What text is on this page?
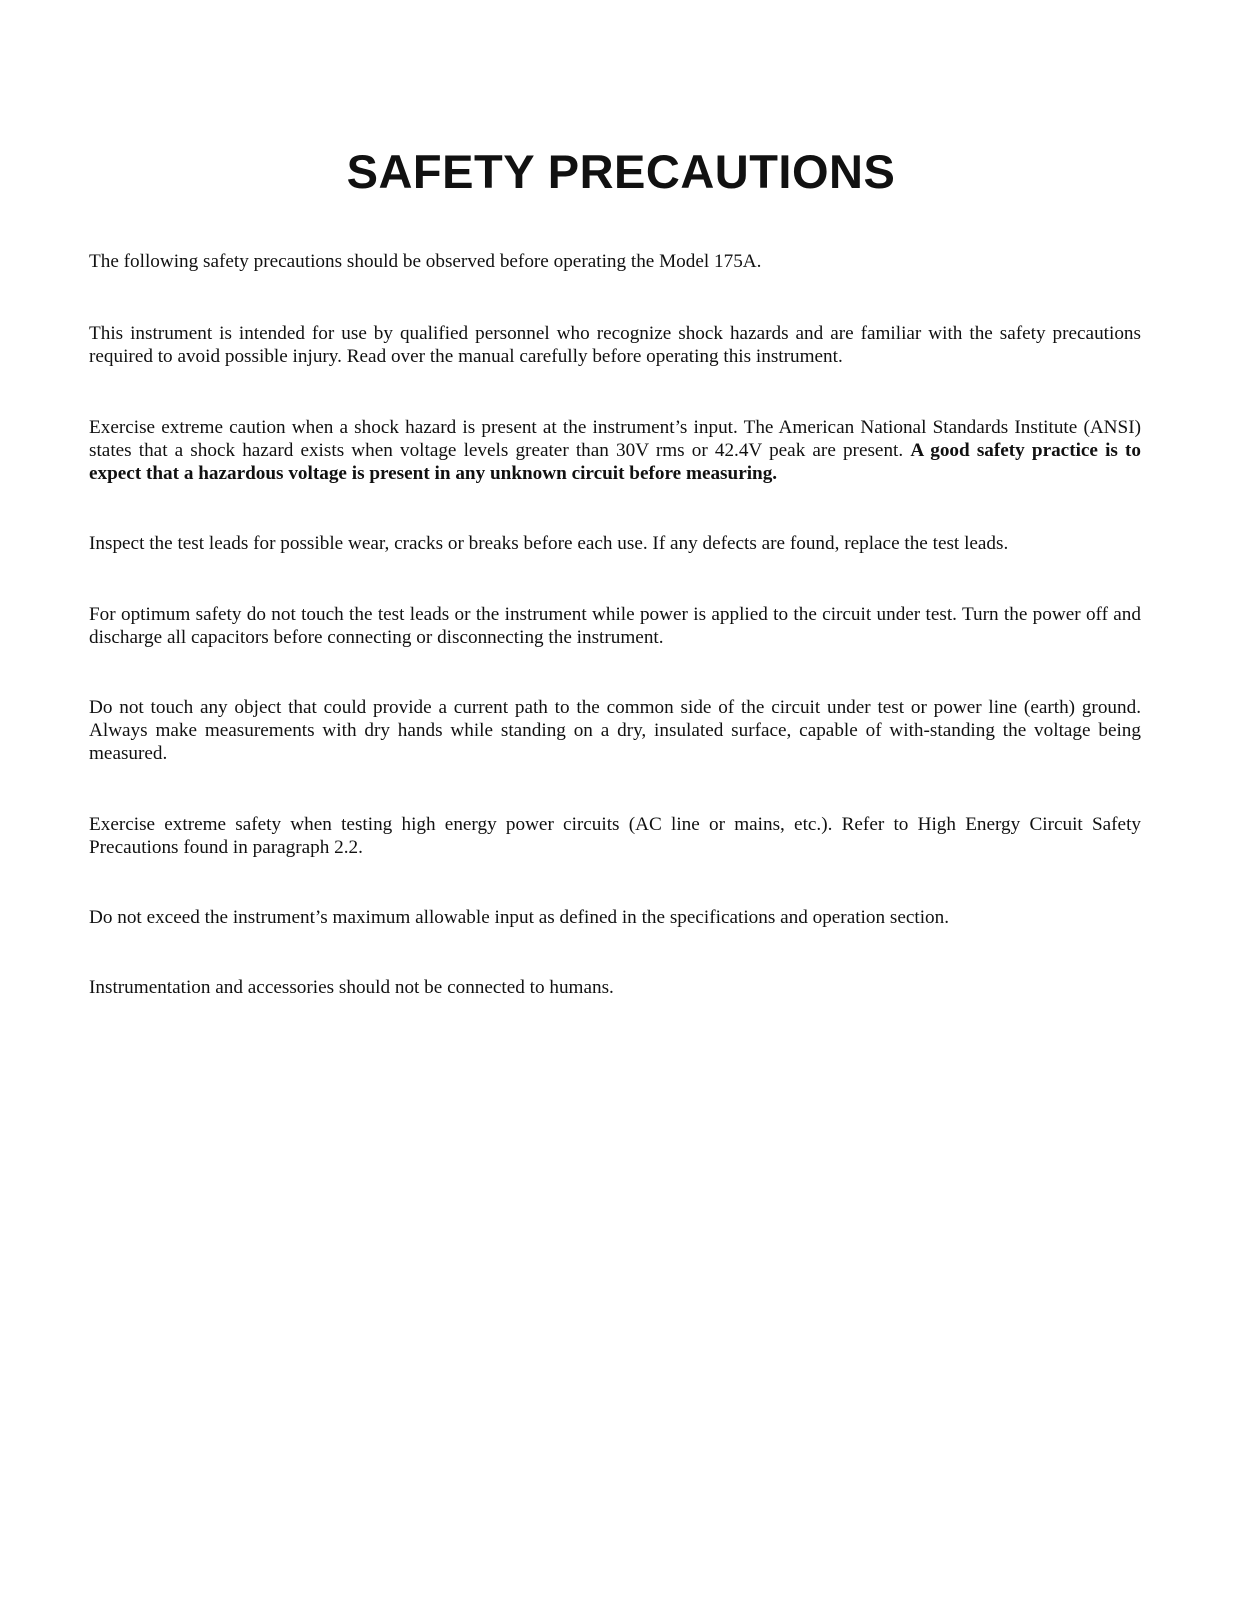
SAFETY PRECAUTIONS

The following safety precautions should be observed before operating the Model 175A.

This instrument is intended for use by qualified personnel who recognize shock hazards and are familiar with the safety precautions required to avoid possible injury. Read over the manual carefully before operating this instrument.

Exercise extreme caution when a shock hazard is present at the instrument’s input. The American National Standards Institute (ANSI) states that a shock hazard exists when voltage levels greater than 30V rms or 42.4V peak are present. A good safety practice is to expect that a hazardous voltage is present in any unknown circuit before measuring.

Inspect the test leads for possible wear, cracks or breaks before each use. If any defects are found, replace the test leads.

For optimum safety do not touch the test leads or the instrument while power is applied to the circuit under test. Turn the power off and discharge all capacitors before connecting or disconnecting the instrument.

Do not touch any object that could provide a current path to the common side of the circuit under test or power line (earth) ground. Always make measurements with dry hands while standing on a dry, insulated surface, capable of with-standing the voltage being measured.

Exercise extreme safety when testing high energy power circuits (AC line or mains, etc.). Refer to High Energy Circuit Safety Precautions found in paragraph 2.2.

Do not exceed the instrument’s maximum allowable input as defined in the specifications and operation section.

Instrumentation and accessories should not be connected to humans.
